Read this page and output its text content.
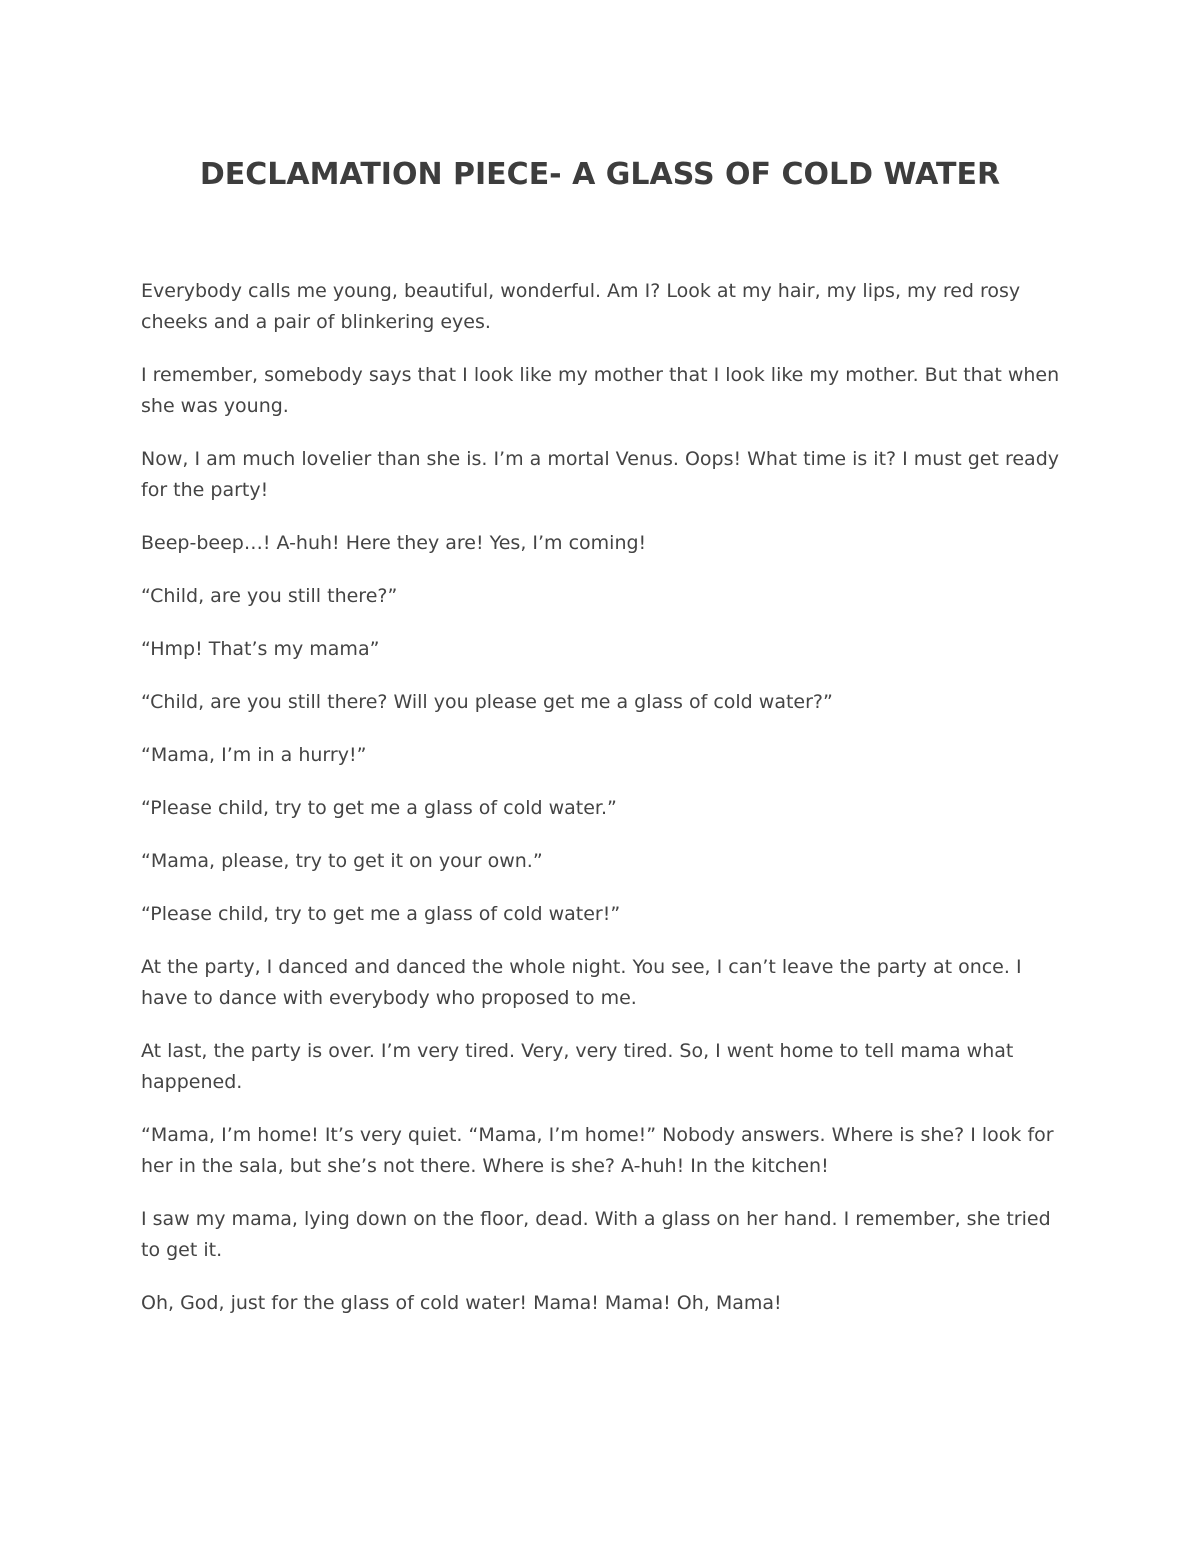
DECLAMATION PIECE- A GLASS OF COLD WATER

Everybody calls me young, beautiful, wonderful. Am I? Look at my hair, my lips, my red rosy cheeks and a pair of blinkering eyes.

I remember, somebody says that I look like my mother that I look like my mother. But that when she was young.

Now, I am much lovelier than she is. I’m a mortal Venus. Oops! What time is it? I must get ready for the party!

Beep-beep…! A-huh! Here they are! Yes, I’m coming!

“Child, are you still there?”

“Hmp! That’s my mama”

“Child, are you still there? Will you please get me a glass of cold water?”

“Mama, I’m in a hurry!”

“Please child, try to get me a glass of cold water.”

“Mama, please, try to get it on your own.”

“Please child, try to get me a glass of cold water!”

At the party, I danced and danced the whole night. You see, I can’t leave the party at once. I have to dance with everybody who proposed to me.

At last, the party is over. I’m very tired. Very, very tired. So, I went home to tell mama what happened.

“Mama, I’m home! It’s very quiet. “Mama, I’m home!” Nobody answers. Where is she? I look for her in the sala, but she’s not there. Where is she? A-huh! In the kitchen!

I saw my mama, lying down on the floor, dead. With a glass on her hand. I remember, she tried to get it.

Oh, God, just for the glass of cold water! Mama! Mama! Oh, Mama!
